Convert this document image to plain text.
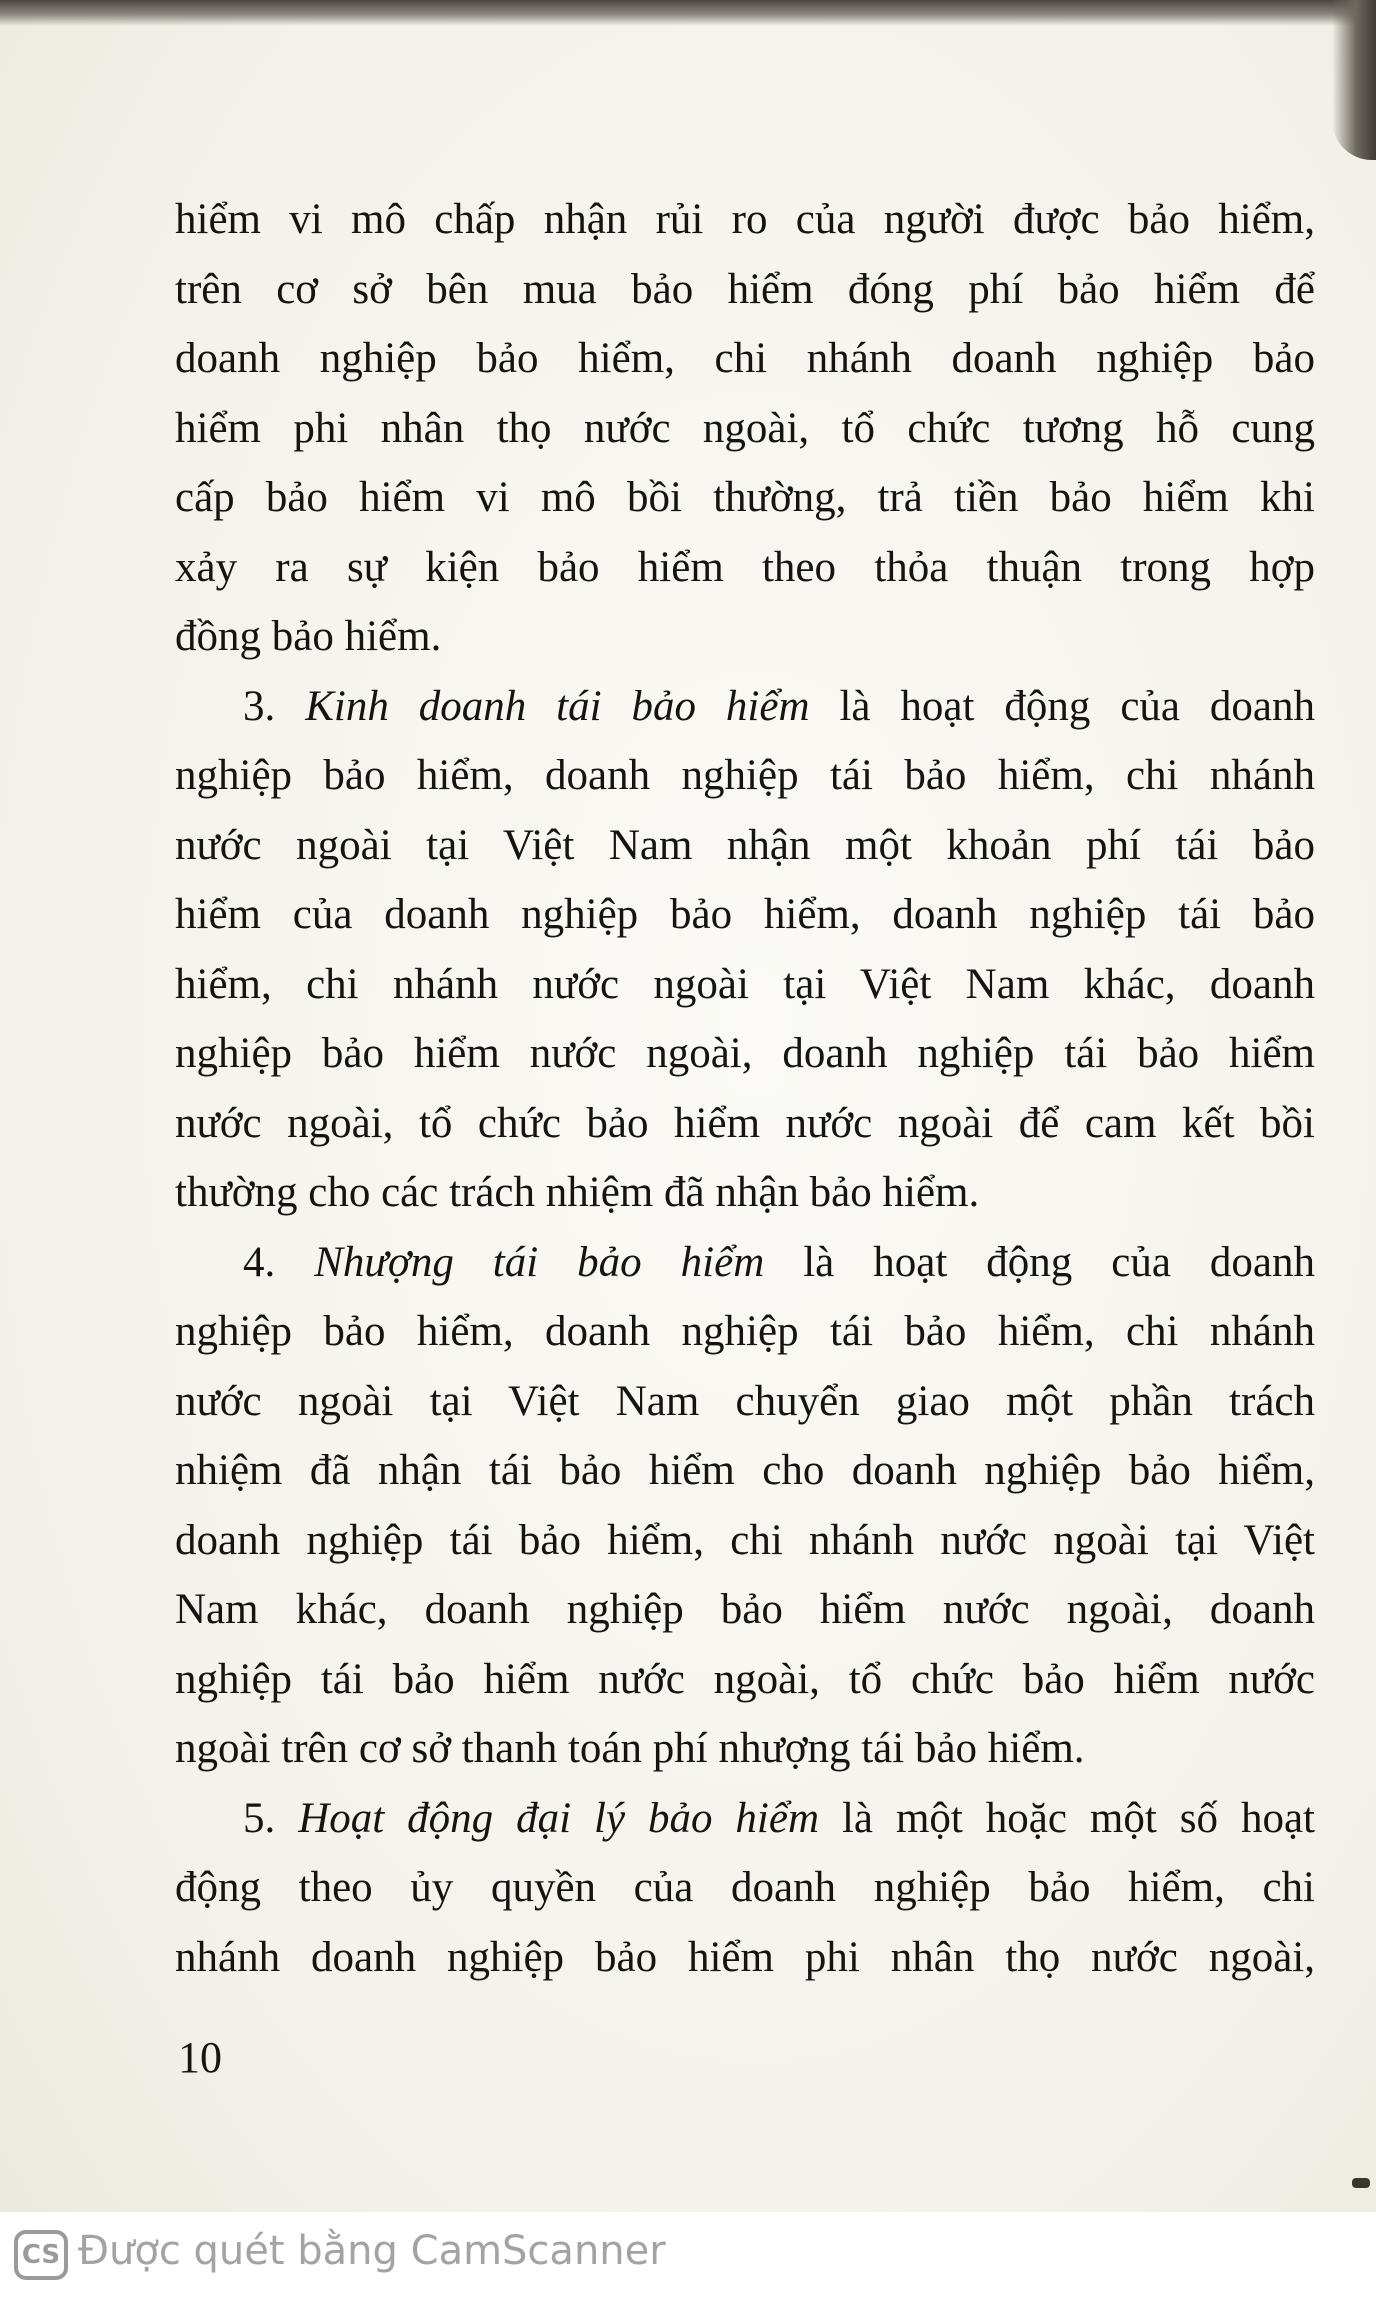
hiểm vi mô chấp nhận rủi ro của người được bảo hiểm,
trên cơ sở bên mua bảo hiểm đóng phí bảo hiểm để
doanh nghiệp bảo hiểm, chi nhánh doanh nghiệp bảo
hiểm phi nhân thọ nước ngoài, tổ chức tương hỗ cung
cấp bảo hiểm vi mô bồi thường, trả tiền bảo hiểm khi
xảy ra sự kiện bảo hiểm theo thỏa thuận trong hợp
đồng bảo hiểm.

3. Kinh doanh tái bảo hiểm là hoạt động của doanh
nghiệp bảo hiểm, doanh nghiệp tái bảo hiểm, chi nhánh
nước ngoài tại Việt Nam nhận một khoản phí tái bảo
hiểm của doanh nghiệp bảo hiểm, doanh nghiệp tái bảo
hiểm, chi nhánh nước ngoài tại Việt Nam khác, doanh
nghiệp bảo hiểm nước ngoài, doanh nghiệp tái bảo hiểm
nước ngoài, tổ chức bảo hiểm nước ngoài để cam kết bồi
thường cho các trách nhiệm đã nhận bảo hiểm.

4. Nhượng tái bảo hiểm là hoạt động của doanh
nghiệp bảo hiểm, doanh nghiệp tái bảo hiểm, chi nhánh
nước ngoài tại Việt Nam chuyển giao một phần trách
nhiệm đã nhận tái bảo hiểm cho doanh nghiệp bảo hiểm,
doanh nghiệp tái bảo hiểm, chi nhánh nước ngoài tại Việt
Nam khác, doanh nghiệp bảo hiểm nước ngoài, doanh
nghiệp tái bảo hiểm nước ngoài, tổ chức bảo hiểm nước
ngoài trên cơ sở thanh toán phí nhượng tái bảo hiểm.

5. Hoạt động đại lý bảo hiểm là một hoặc một số hoạt
động theo ủy quyền của doanh nghiệp bảo hiểm, chi
nhánh doanh nghiệp bảo hiểm phi nhân thọ nước ngoài,

10
CS Được quét bằng CamScanner
